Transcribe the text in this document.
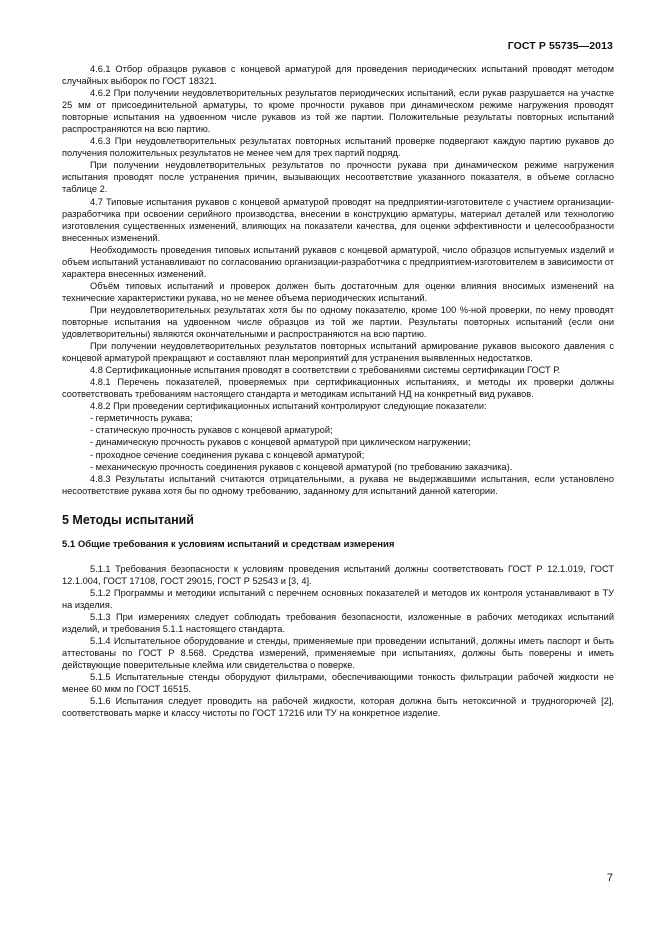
ГОСТ Р 55735—2013

4.6.1 Отбор образцов рукавов с концевой арматурой для проведения периодических испытаний проводят методом случайных выборок по ГОСТ 18321.

4.6.2 При получении неудовлетворительных результатов периодических испытаний, если рукав разрушается на участке 25 мм от присоединительной арматуры, то кроме прочности рукавов при динамическом режиме нагружения проводят повторные испытания на удвоенном числе рукавов из той же партии. Положительные результаты повторных испытаний распространяются на всю партию.

4.6.3 При неудовлетворительных результатах повторных испытаний проверке подвергают каждую партию рукавов до получения положительных результатов не менее чем для трех партий подряд.

При получении неудовлетворительных результатов по прочности рукава при динамическом режиме нагружения испытания проводят после устранения причин, вызывающих несоответствие указанного показателя, в объеме согласно таблице 2.

4.7 Типовые испытания рукавов с концевой арматурой проводят на предприятии-изготовителе с участием организации-разработчика при освоении серийного производства, внесении в конструкцию арматуры, материал деталей или технологию изготовления существенных изменений, влияющих на показатели качества, для оценки эффективности и целесообразности внесенных изменений.

Необходимость проведения типовых испытаний рукавов с концевой арматурой, число образцов испытуемых изделий и объем испытаний устанавливают по согласованию организации-разработчика с предприятием-изготовителем в зависимости от характера внесенных изменений.

Объём типовых испытаний и проверок должен быть достаточным для оценки влияния вносимых изменений на технические характеристики рукава, но не менее объема периодических испытаний.

При неудовлетворительных результатах хотя бы по одному показателю, кроме 100 %-ной проверки, по нему проводят повторные испытания на удвоенном числе образцов из той же партии. Результаты повторных испытаний (если они удовлетворительны) являются окончательными и распространяются на всю партию.

При получении неудовлетворительных результатов повторных испытаний армирование рукавов высокого давления с концевой арматурой прекращают и составляют план мероприятий для устранения выявленных недостатков.

4.8 Сертификационные испытания проводят в соответствии с требованиями системы сертификации ГОСТ Р.

4.8.1 Перечень показателей, проверяемых при сертификационных испытаниях, и методы их проверки должны соответствовать требованиям настоящего стандарта и методикам испытаний НД на конкретный вид рукавов.

4.8.2 При проведении сертификационных испытаний контролируют следующие показатели:

- герметичность рукава;

- статическую прочность рукавов с концевой арматурой;

- динамическую прочность рукавов с концевой арматурой при циклическом нагружении;

- проходное сечение соединения рукава с концевой арматурой;

- механическую прочность соединения рукавов с концевой арматурой (по требованию заказчика).

4.8.3 Результаты испытаний считаются отрицательными, а рукава не выдержавшими испытания, если установлено несоответствие рукава хотя бы по одному требованию, заданному для испытаний данной категории.

5 Методы испытаний
5.1 Общие требования к условиям испытаний и средствам измерения

5.1.1 Требования безопасности к условиям проведения испытаний должны соответствовать ГОСТ Р 12.1.019, ГОСТ 12.1.004, ГОСТ 17108, ГОСТ 29015, ГОСТ Р 52543 и [3, 4].

5.1.2 Программы и методики испытаний с перечнем основных показателей и методов их контроля устанавливают в ТУ на изделия.

5.1.3 При измерениях следует соблюдать требования безопасности, изложенные в рабочих методиках испытаний изделий, и требования 5.1.1 настоящего стандарта.

5.1.4 Испытательное оборудование и стенды, применяемые при проведении испытаний, должны иметь паспорт и быть аттестованы по ГОСТ Р 8.568. Средства измерений, применяемые при испытаниях, должны быть поверены и иметь действующие поверительные клейма или свидетельства о поверке.

5.1.5 Испытательные стенды оборудуют фильтрами, обеспечивающими тонкость фильтрации рабочей жидкости не менее 60 мкм по ГОСТ 16515.

5.1.6 Испытания следует проводить на рабочей жидкости, которая должна быть нетоксичной и трудногорючей [2], соответствовать марке и классу чистоты по ГОСТ 17216 или ТУ на конкретное изделие.

7
